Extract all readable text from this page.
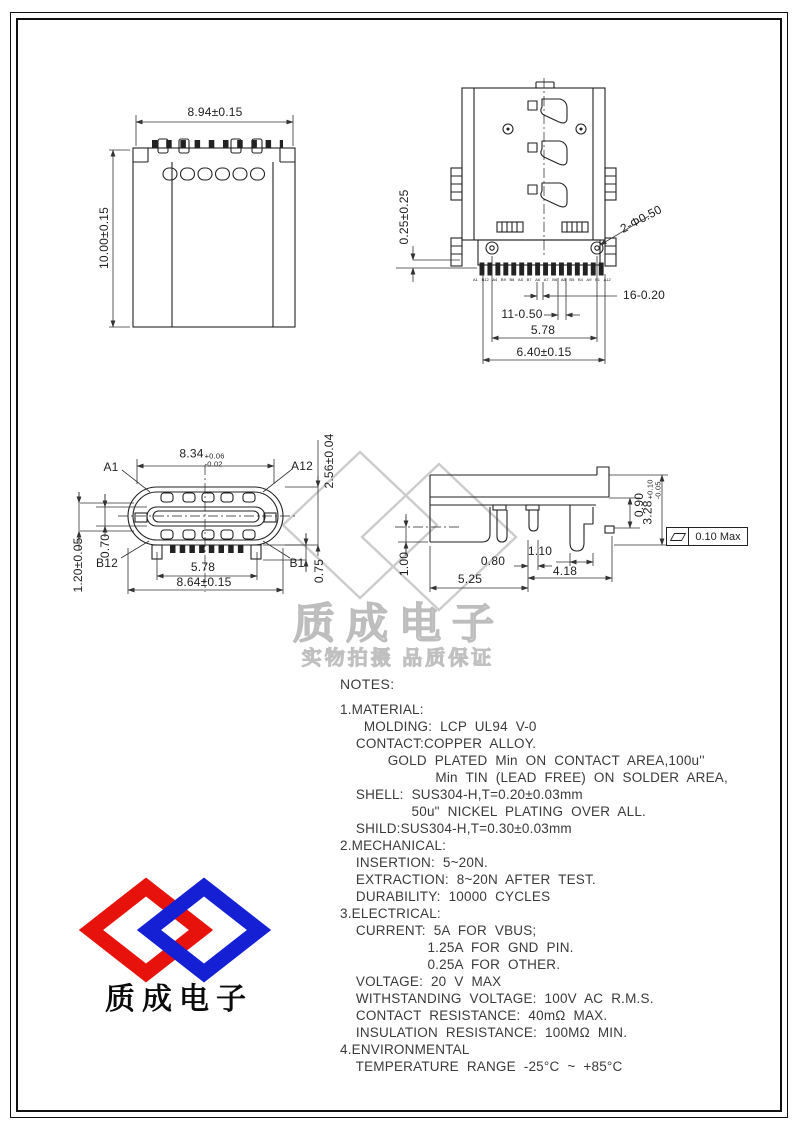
质成电子
实物拍摄 品质保证
8.94±0.15
10.00±0.15	0.25±0.25	2-Φ0.50
16-0.20
11-0.50
5.78
6.40±0.15
A1	A12
B12	B1
8.34 +0.06
-0.02	2.56±0.04
0.70
1.20±0.05	5.78
8.64±0.15	0.75	1.00	0.80
5.25
4.18
1.10
0.90
3.28
+0.10
-0.05
0.10 Max
A1 B12 A4 B9 B8 A5 B7 A6 A7 B6 A8 B5 B4 A9 B1 A12
NOTES:
1.MATERIAL:
MOLDING: LCP UL94 V-0
CONTACT:COPPER ALLOY.
GOLD PLATED Min ON CONTACT AREA,100u''
Min TIN (LEAD FREE) ON SOLDER AREA,
SHELL: SUS304-H,T=0.20±0.03mm
50u" NICKEL PLATING OVER ALL.
SHILD:SUS304-H,T=0.30±0.03mm
2.MECHANICAL:
INSERTION: 5~20N.
EXTRACTION: 8~20N AFTER TEST.
DURABILITY: 10000 CYCLES
3.ELECTRICAL:
CURRENT: 5A FOR VBUS;
1.25A FOR GND PIN.
0.25A FOR OTHER.
VOLTAGE: 20 V MAX
WITHSTANDING VOLTAGE: 100V AC R.M.S.
CONTACT RESISTANCE: 40mΩ MAX.
INSULATION RESISTANCE: 100MΩ MIN.
4.ENVIRONMENTAL
TEMPERATURE RANGE -25°C ~ +85°C
质成电子
